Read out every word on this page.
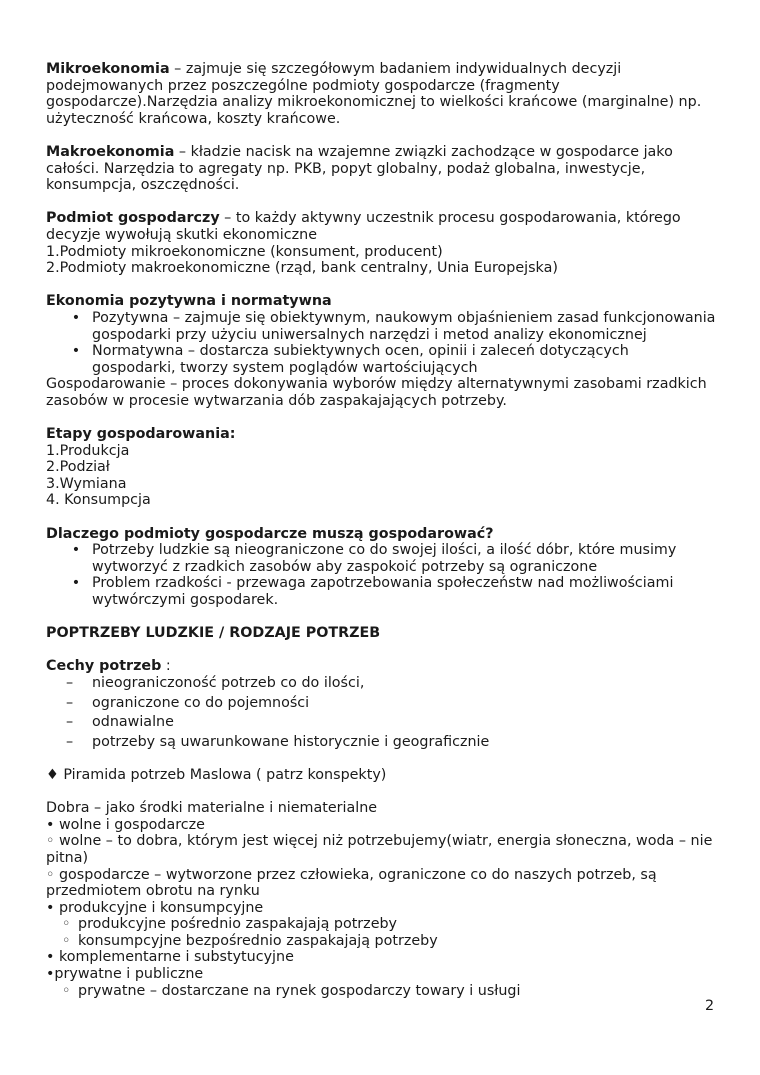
Mikroekonomia – zajmuje się szczegółowym badaniem indywidualnych decyzji podejmowanych przez poszczególne podmioty gospodarcze (fragmenty gospodarcze).Narzędzia analizy mikroekonomicznej to wielkości krańcowe (marginalne) np. użyteczność krańcowa, koszty krańcowe.

Makroekonomia – kładzie nacisk na wzajemne związki zachodzące w gospodarce jako całości. Narzędzia to agregaty np. PKB, popyt globalny, podaż globalna, inwestycje, konsumpcja, oszczędności.

Podmiot gospodarczy – to każdy aktywny uczestnik procesu gospodarowania, którego decyzje wywołują skutki ekonomiczne

1.Podmioty mikroekonomiczne (konsument, producent)

2.Podmioty makroekonomiczne (rząd, bank centralny, Unia Europejska)

Ekonomia pozytywna i normatywna

• Pozytywna – zajmuje się obiektywnym, naukowym objaśnieniem zasad funkcjonowania gospodarki przy użyciu uniwersalnych narzędzi i metod analizy ekonomicznej
• Normatywna – dostarcza subiektywnych ocen, opinii i zaleceń dotyczących gospodarki, tworzy system poglądów wartościujących

Gospodarowanie – proces dokonywania wyborów między alternatywnymi zasobami rzadkich zasobów w procesie wytwarzania dób zaspakajających potrzeby.

Etapy gospodarowania:

1.Produkcja

2.Podział

3.Wymiana

4. Konsumpcja

Dlaczego podmioty gospodarcze muszą gospodarować?

• Potrzeby ludzkie są nieograniczone co do swojej ilości, a ilość dóbr, które musimy wytworzyć z rzadkich zasobów aby zaspokoić potrzeby są ograniczone
• Problem rzadkości - przewaga zapotrzebowania społeczeństw nad możliwościami wytwórczymi gospodarek.

POPTRZEBY LUDZKIE / RODZAJE POTRZEB

Cechy potrzeb :

– nieograniczoność potrzeb co do ilości,
– ograniczone co do pojemności
– odnawialne
– potrzeby są uwarunkowane historycznie i geograficznie

♦ Piramida potrzeb Maslowa ( patrz konspekty)

Dobra – jako środki materialne i niematerialne

• wolne i gospodarcze

◦ wolne – to dobra, którym jest więcej niż potrzebujemy(wiatr, energia słoneczna, woda – nie pitna)

◦ gospodarcze – wytworzone przez człowieka, ograniczone co do naszych potrzeb, są przedmiotem obrotu na rynku

• produkcyjne i konsumpcyjne

◦ produkcyjne pośrednio zaspakajają potrzeby
◦ konsumpcyjne bezpośrednio zaspakajają potrzeby

• komplementarne i substytucyjne

•prywatne i publiczne

◦ prywatne – dostarczane na rynek gospodarczy towary i usługi
2
